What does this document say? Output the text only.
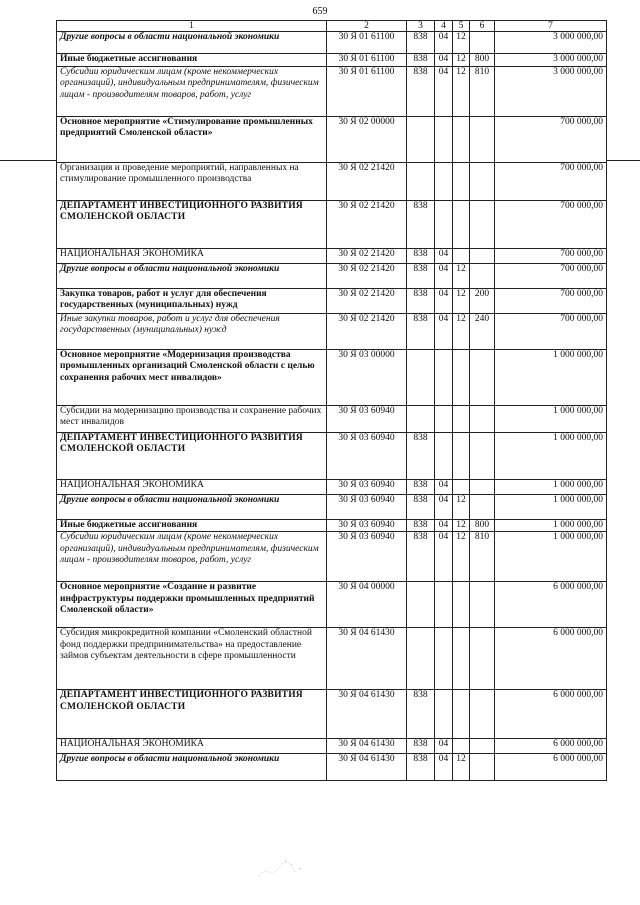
659
1	2	3	4	5	6	7
Другие вопросы в области национальной экономики	30 Я 01 61100	838	04	12		3 000 000,00
Иные бюджетные ассигнования	30 Я 01 61100	838	04	12	800	3 000 000,00
Субсидии юридическим лицам (кроме некоммерческих организаций), индивидуальным предпринимателям, физическим лицам - производителям товаров, работ, услуг	30 Я 01 61100	838	04	12	810	3 000 000,00
Основное мероприятие «Стимулирование промышленных предприятий Смоленской области»	30 Я 02 00000					700 000,00
Организация и проведение мероприятий, направленных на стимулирование промышленного производства	30 Я 02 21420					700 000,00
ДЕПАРТАМЕНТ ИНВЕСТИЦИОННОГО РАЗВИТИЯ СМОЛЕНСКОЙ ОБЛАСТИ	30 Я 02 21420	838				700 000,00
НАЦИОНАЛЬНАЯ ЭКОНОМИКА	30 Я 02 21420	838	04			700 000,00
Другие вопросы в области национальной экономики	30 Я 02 21420	838	04	12		700 000,00
Закупка товаров, работ и услуг для обеспечения государственных (муниципальных) нужд	30 Я 02 21420	838	04	12	200	700 000,00
Иные закупки товаров, работ и услуг для обеспечения государственных (муниципальных) нужд	30 Я 02 21420	838	04	12	240	700 000,00
Основное мероприятие «Модернизация производства промышленных организаций Смоленской области с целью сохранения рабочих мест инвалидов»	30 Я 03 00000					1 000 000,00
Субсидии на модернизацию производства и сохранение рабочих мест инвалидов	30 Я 03 60940					1 000 000,00
ДЕПАРТАМЕНТ ИНВЕСТИЦИОННОГО РАЗВИТИЯ СМОЛЕНСКОЙ ОБЛАСТИ	30 Я 03 60940	838				1 000 000,00
НАЦИОНАЛЬНАЯ ЭКОНОМИКА	30 Я 03 60940	838	04			1 000 000,00
Другие вопросы в области национальной экономики	30 Я 03 60940	838	04	12		1 000 000,00
Иные бюджетные ассигнования	30 Я 03 60940	838	04	12	800	1 000 000,00
Субсидии юридическим лицам (кроме некоммерческих организаций), индивидуальным предпринимателям, физическим лицам - производителям товаров, работ, услуг	30 Я 03 60940	838	04	12	810	1 000 000,00
Основное мероприятие «Создание и развитие инфраструктуры поддержки промышленных предприятий Смоленской области»	30 Я 04 00000					6 000 000,00
Субсидия микрокредитной компании «Смоленский областной фонд поддержки предпринимательства» на предоставление займов субъектам деятельности в сфере промышленности	30 Я 04 61430					6 000 000,00
ДЕПАРТАМЕНТ ИНВЕСТИЦИОННОГО РАЗВИТИЯ СМОЛЕНСКОЙ ОБЛАСТИ	30 Я 04 61430	838				6 000 000,00
НАЦИОНАЛЬНАЯ ЭКОНОМИКА	30 Я 04 61430	838	04			6 000 000,00
Другие вопросы в области национальной экономики	30 Я 04 61430	838	04	12		6 000 000,00
